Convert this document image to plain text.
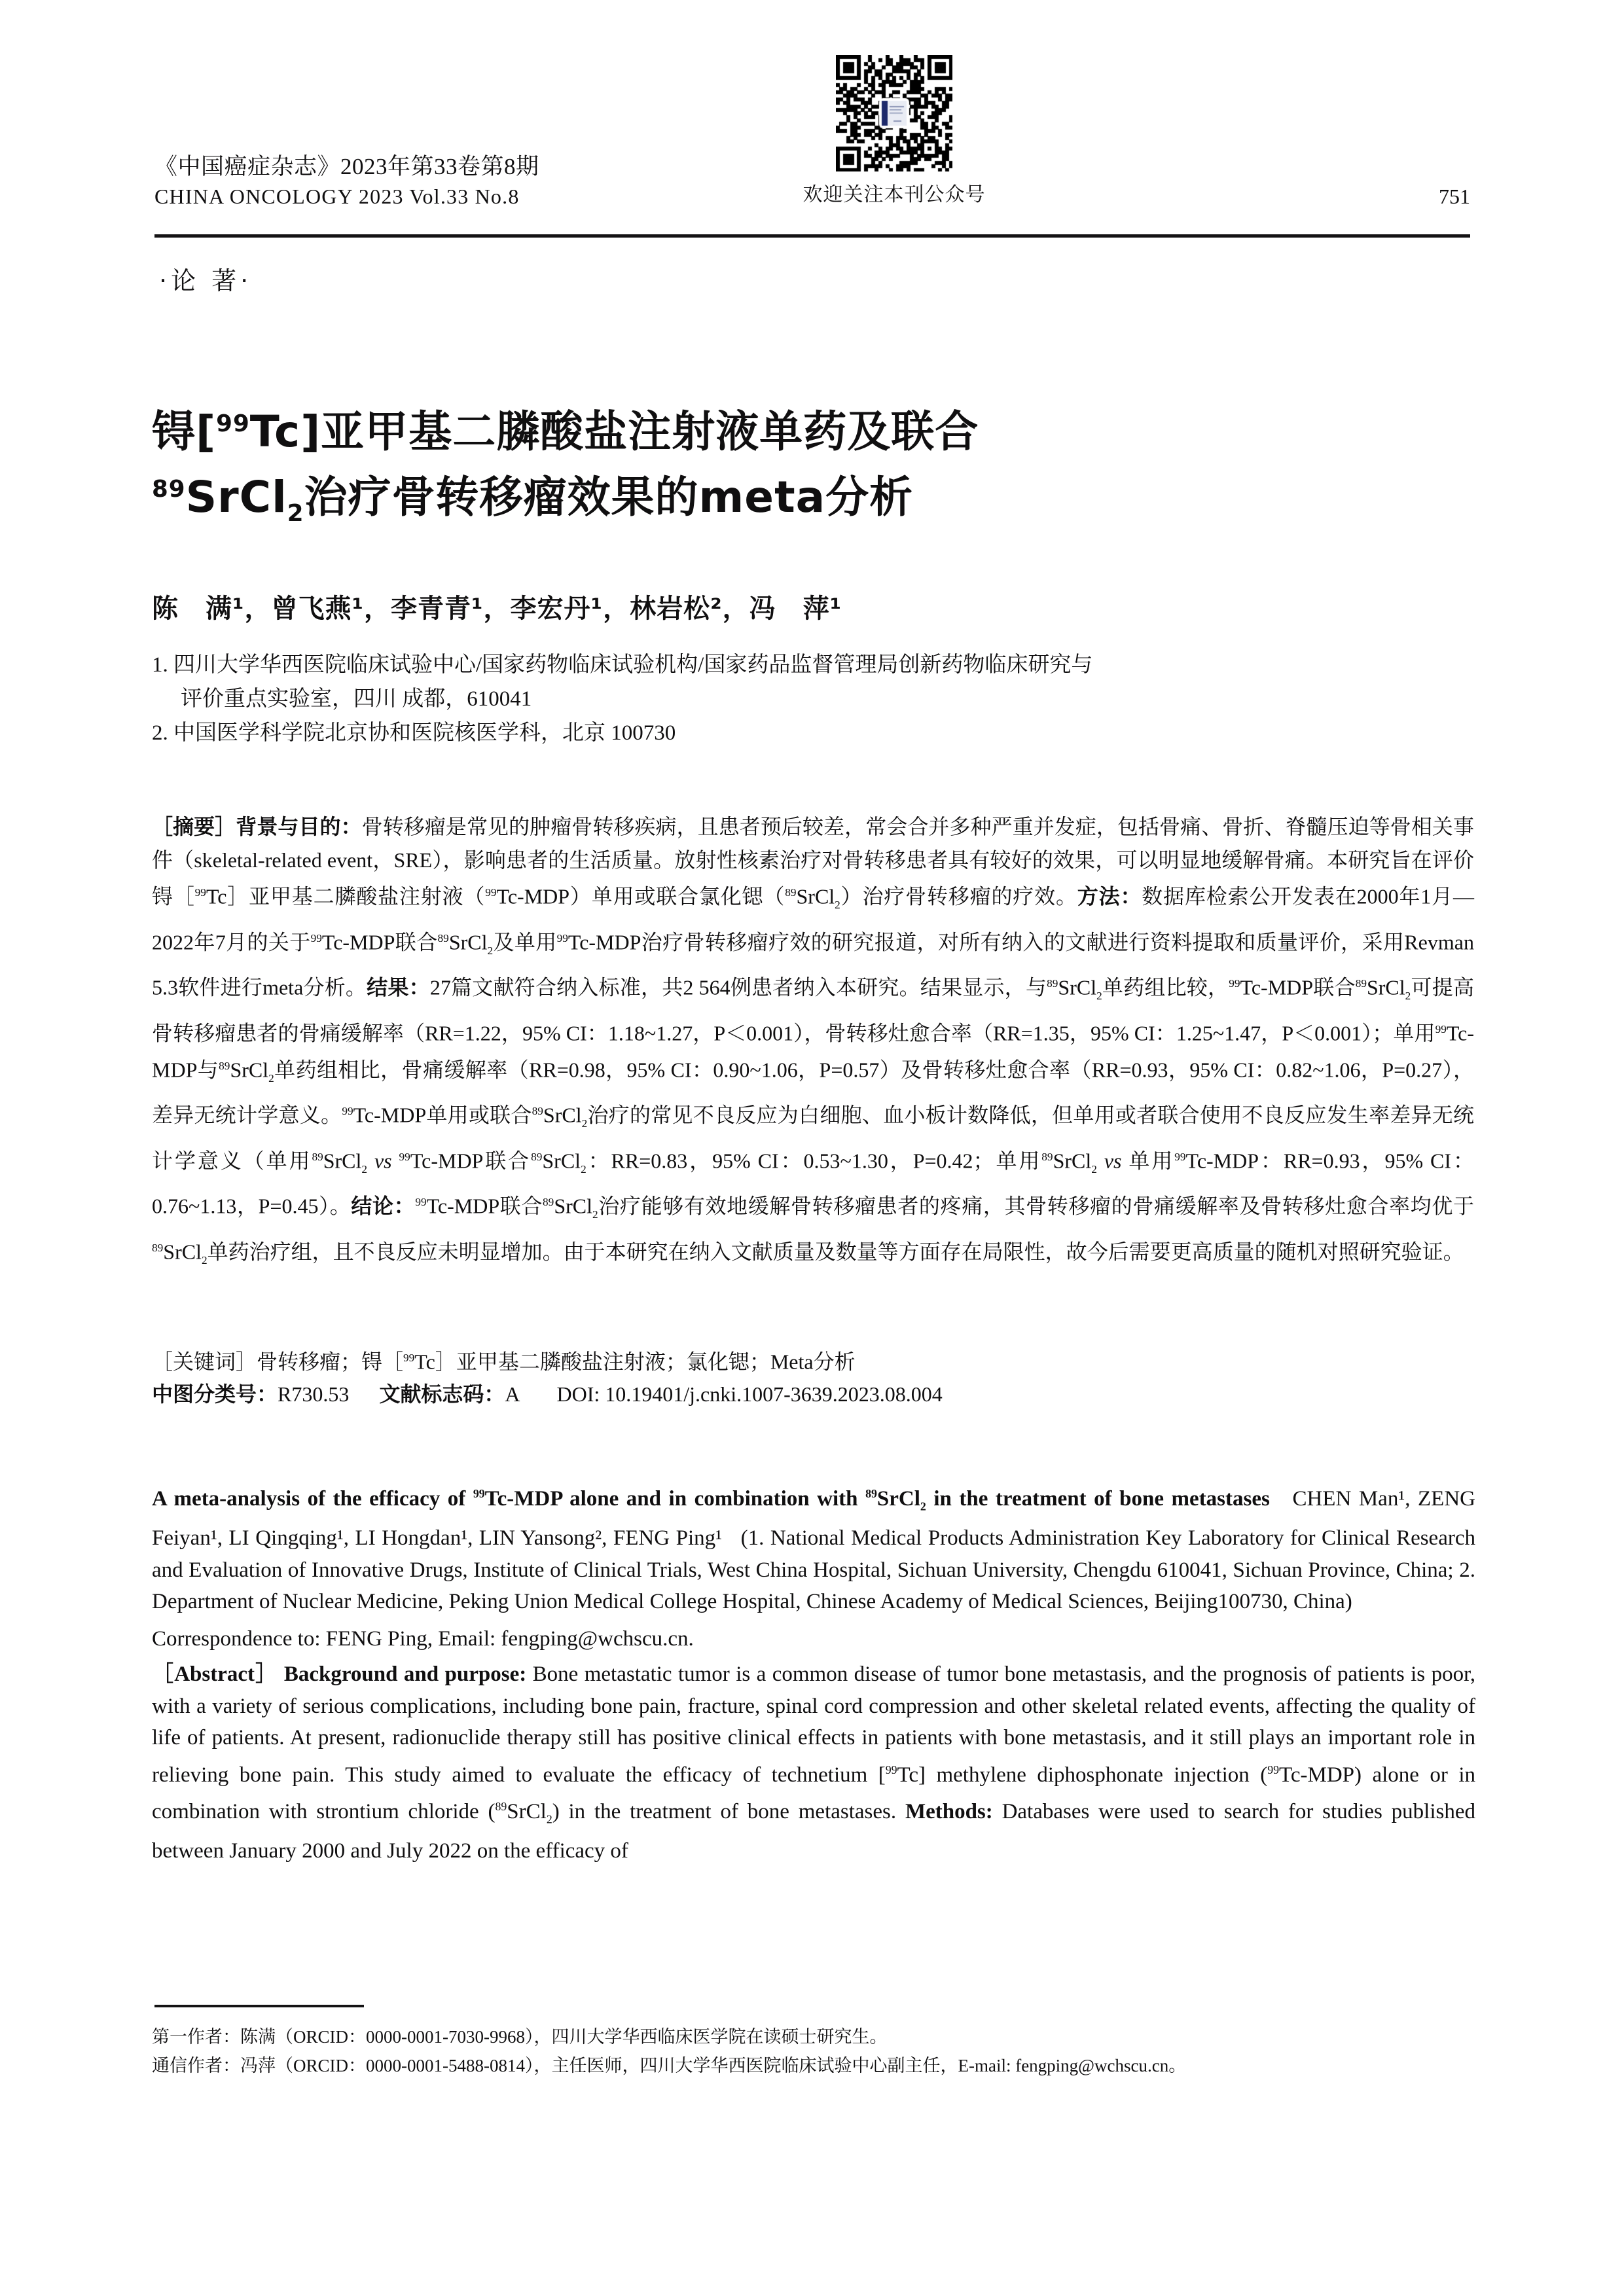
《中国癌症杂志》2023年第33卷第8期
CHINA ONCOLOGY 2023 Vol.33 No.8	欢迎关注本刊公众号	751
·论 著·
锝[$^{99}$Tc]亚甲基二膦酸盐注射液单药及联合
$^{89}$SrCl$_2$治疗骨转移瘤效果的meta分析
陈　满¹，曾飞燕¹，李青青¹，李宏丹¹，林岩松²，冯　萍¹
1. 四川大学华西医院临床试验中心/国家药物临床试验机构/国家药品监督管理局创新药物临床研究与
评价重点实验室，四川 成都，610041
2. 中国医学科学院北京协和医院核医学科，北京 100730
［摘要］背景与目的：骨转移瘤是常见的肿瘤骨转移疾病，且患者预后较差，常会合并多种严重并发症，包括骨痛、骨折、脊髓压迫等骨相关事件（skeletal-related event，SRE），影响患者的生活质量。放射性核素治疗对骨转移患者具有较好的效果，可以明显地缓解骨痛。本研究旨在评价锝［$^{99}$Tc］亚甲基二膦酸盐注射液（$^{99}$Tc-MDP）单用或联合氯化锶（$^{89}$SrCl$_2$）治疗骨转移瘤的疗效。方法：数据库检索公开发表在2000年1月—2022年7月的关于$^{99}$Tc-MDP联合$^{89}$SrCl$_2$及单用$^{99}$Tc-MDP治疗骨转移瘤疗效的研究报道，对所有纳入的文献进行资料提取和质量评价，采用Revman 5.3软件进行meta分析。结果：27篇文献符合纳入标准，共2 564例患者纳入本研究。结果显示，与$^{89}$SrCl$_2$单药组比较，$^{99}$Tc-MDP联合$^{89}$SrCl$_2$可提高骨转移瘤患者的骨痛缓解率（RR=1.22，95% CI：1.18~1.27，P＜0.001），骨转移灶愈合率（RR=1.35，95% CI：1.25~1.47，P＜0.001）；单用$^{99}$Tc-MDP与$^{89}$SrCl$_2$单药组相比，骨痛缓解率（RR=0.98，95% CI：0.90~1.06，P=0.57）及骨转移灶愈合率（RR=0.93，95% CI：0.82~1.06，P=0.27），差异无统计学意义。$^{99}$Tc-MDP单用或联合$^{89}$SrCl$_2$治疗的常见不良反应为白细胞、血小板计数降低，但单用或者联合使用不良反应发生率差异无统计学意义（单用$^{89}$SrCl$_2$ vs $^{99}$Tc-MDP联合$^{89}$SrCl$_2$：RR=0.83，95% CI：0.53~1.30，P=0.42；单用$^{89}$SrCl$_2$ vs 单用$^{99}$Tc-MDP：RR=0.93，95% CI：0.76~1.13，P=0.45）。结论：$^{99}$Tc-MDP联合$^{89}$SrCl$_2$治疗能够有效地缓解骨转移瘤患者的疼痛，其骨转移瘤的骨痛缓解率及骨转移灶愈合率均优于$^{89}$SrCl$_2$单药治疗组，且不良反应未明显增加。由于本研究在纳入文献质量及数量等方面存在局限性，故今后需要更高质量的随机对照研究验证。
［关键词］骨转移瘤；锝［$^{99}$Tc］亚甲基二膦酸盐注射液；氯化锶；Meta分析
中图分类号：R730.53 文献标志码：A DOI: 10.19401/j.cnki.1007-3639.2023.08.004

A meta-analysis of the efficacy of $^{99}$Tc-MDP alone and in combination with $^{89}$SrCl$_2$ in the treatment of bone metastases CHEN Man¹, ZENG Feiyan¹, LI Qingqing¹, LI Hongdan¹, LIN Yansong², FENG Ping¹ (1. National Medical Products Administration Key Laboratory for Clinical Research and Evaluation of Innovative Drugs, Institute of Clinical Trials, West China Hospital, Sichuan University, Chengdu 610041, Sichuan Province, China; 2. Department of Nuclear Medicine, Peking Union Medical College Hospital, Chinese Academy of Medical Sciences, Beijing100730, China)

Correspondence to: FENG Ping, Email: fengping@wchscu.cn.

［Abstract］ Background and purpose: Bone metastatic tumor is a common disease of tumor bone metastasis, and the prognosis of patients is poor, with a variety of serious complications, including bone pain, fracture, spinal cord compression and other skeletal related events, affecting the quality of life of patients. At present, radionuclide therapy still has positive clinical effects in patients with bone metastasis, and it still plays an important role in relieving bone pain. This study aimed to evaluate the efficacy of technetium [$^{99}$Tc] methylene diphosphonate injection ($^{99}$Tc-MDP) alone or in combination with strontium chloride ($^{89}$SrCl$_2$) in the treatment of bone metastases. Methods: Databases were used to search for studies published between January 2000 and July 2022 on the efficacy of

第一作者：陈满（ORCID：0000-0001-7030-9968），四川大学华西临床医学院在读硕士研究生。
通信作者：冯萍（ORCID：0000-0001-5488-0814），主任医师，四川大学华西医院临床试验中心副主任，E-mail: fengping@wchscu.cn。
